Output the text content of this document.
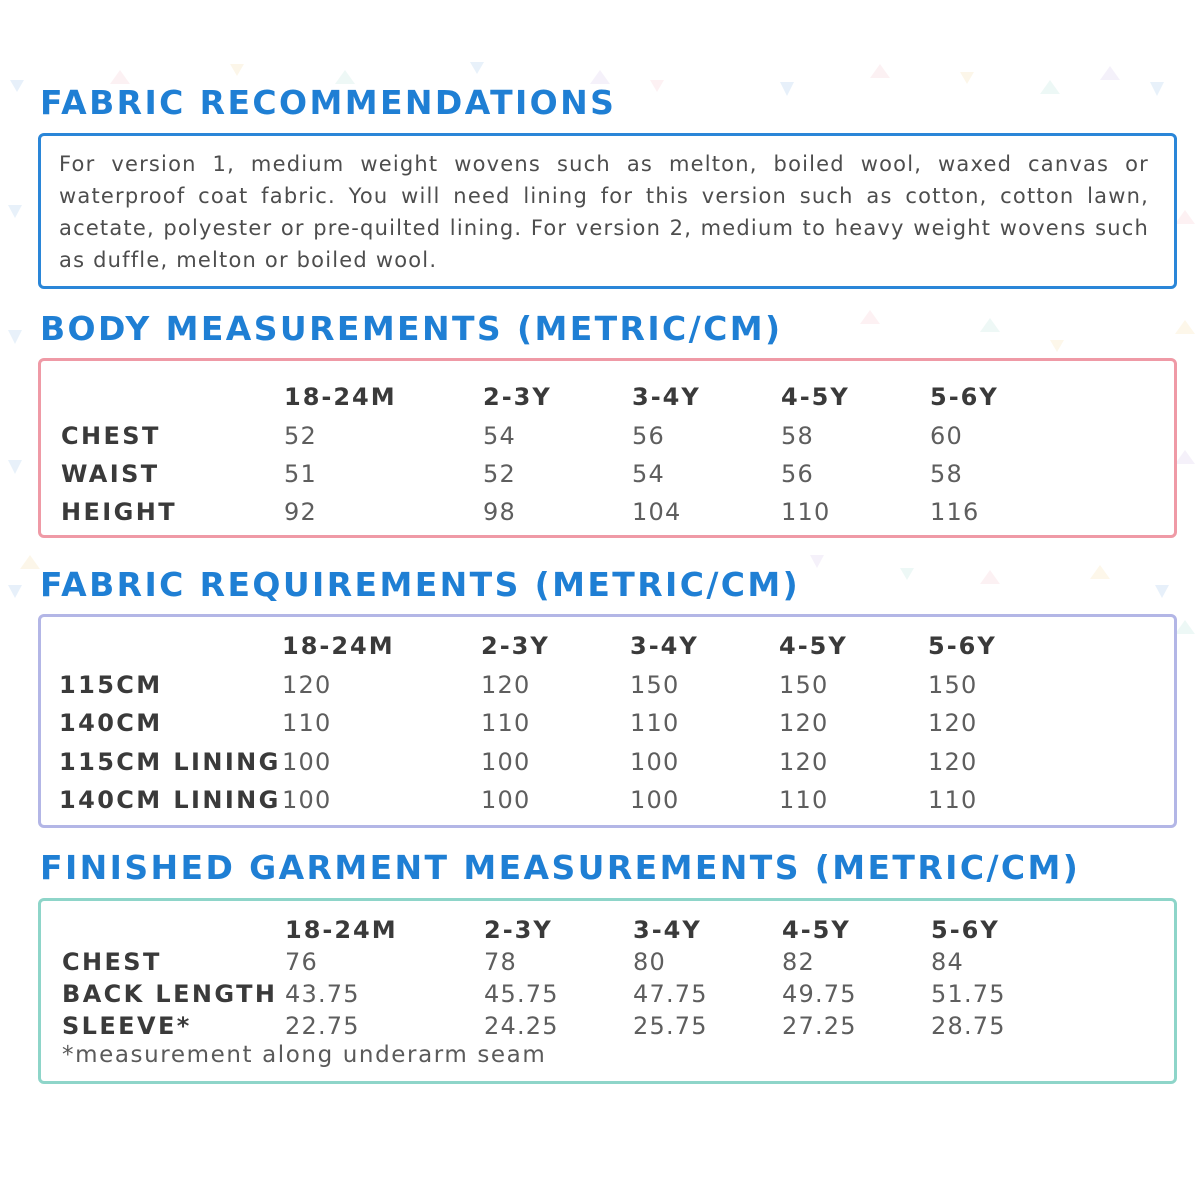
FABRIC RECOMMENDATIONS

For version 1, medium weight wovens such as melton, boiled wool, waxed canvas or waterproof coat fabric. You will need lining for this version such as cotton, cotton lawn, acetate, polyester or pre-quilted lining. For version 2, medium to heavy weight wovens such as duffle, melton or boiled wool.

BODY MEASUREMENTS (METRIC/CM)
18-24M	2-3Y	3-4Y	4-5Y	5-6Y
CHEST	52	54	56	58	60
WAIST	51	52	54	56	58
HEIGHT	92	98	104	110	116
FABRIC REQUIREMENTS (METRIC/CM)
18-24M	2-3Y	3-4Y	4-5Y	5-6Y
115CM	120	120	150	150	150
140CM	110	110	110	120	120
115CM LINING 100	100	100	120	120
140CM LINING 100	100	100	110	110
FINISHED GARMENT MEASUREMENTS (METRIC/CM)
18-24M	2-3Y	3-4Y	4-5Y	5-6Y
CHEST	76	78	80	82	84
BACK LENGTH 43.75	45.75	47.75	49.75	51.75
SLEEVE*	22.75	24.25	25.75	27.25	28.75
*measurement along underarm seam
